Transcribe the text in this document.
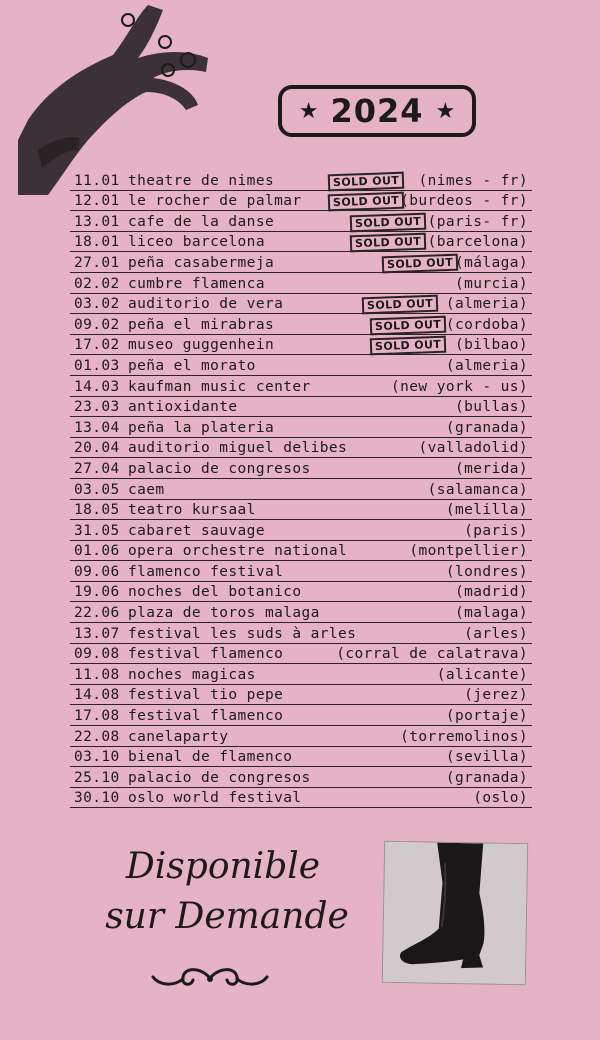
★ 2024 ★
11.01 theatre de nimes	(nimes - fr)
SOLD OUT
12.01 le rocher de palmar	(burdeos - fr)
SOLD OUT
13.01 cafe de la danse	(paris- fr)
SOLD OUT
18.01 liceo barcelona	(barcelona)
SOLD OUT
27.01 peña casabermeja	(málaga)
SOLD OUT
02.02 cumbre flamenca	(murcia)
03.02 auditorio de vera	(almeria)
SOLD OUT
09.02 peña el mirabras	(cordoba)
SOLD OUT
17.02 museo guggenhein	(bilbao)
SOLD OUT
01.03 peña el morato	(almeria)
14.03 kaufman music center	(new york - us)
23.03 antioxidante	(bullas)
13.04 peña la plateria	(granada)
20.04 auditorio miguel delibes	(valladolid)
27.04 palacio de congresos	(merida)
03.05 caem	(salamanca)
18.05 teatro kursaal	(melilla)
31.05 cabaret sauvage	(paris)
01.06 opera orchestre national	(montpellier)
09.06 flamenco festival	(londres)
19.06 noches del botanico	(madrid)
22.06 plaza de toros malaga	(malaga)
13.07 festival les suds à arles	(arles)
09.08 festival flamenco	(corral de calatrava)
11.08 noches magicas	(alicante)
14.08 festival tio pepe	(jerez)
17.08 festival flamenco	(portaje)
22.08 canelaparty	(torremolinos)
03.10 bienal de flamenco	(sevilla)
25.10 palacio de congresos	(granada)
30.10 oslo world festival	(oslo)
Disponible
sur Demande
